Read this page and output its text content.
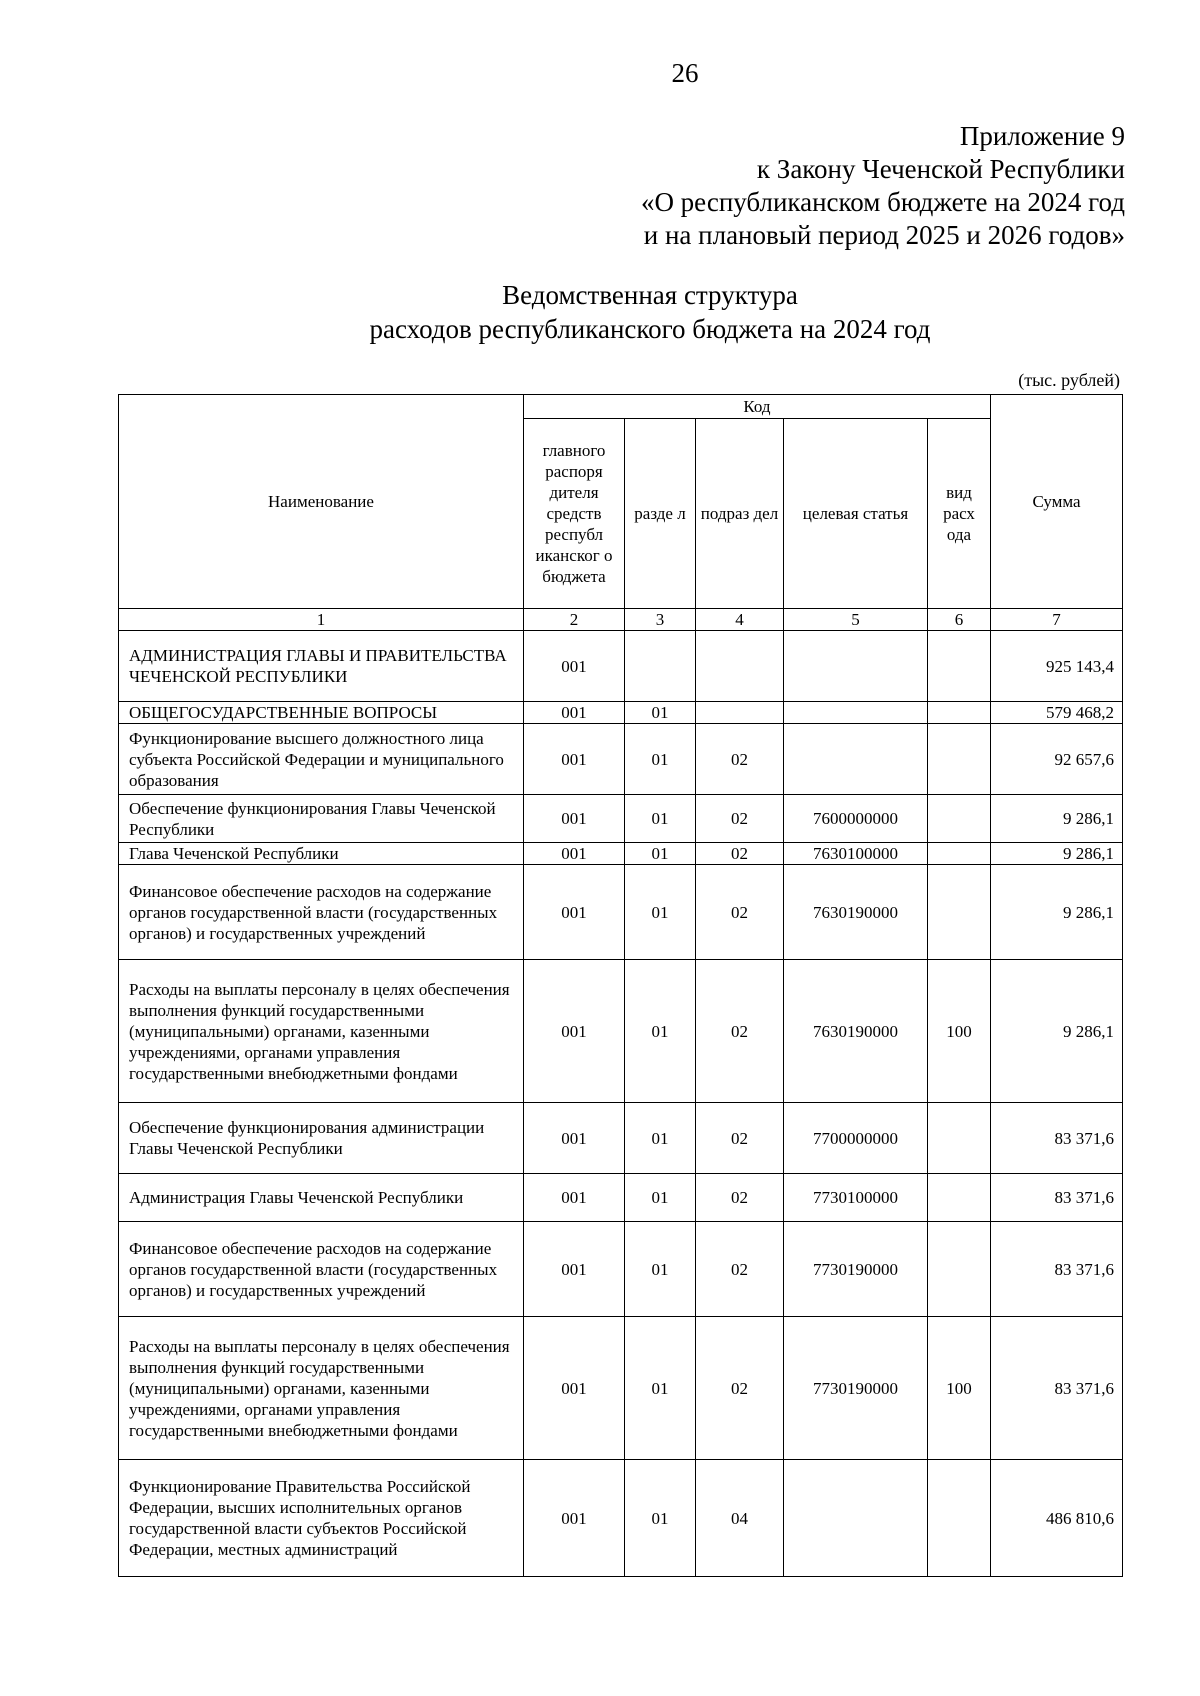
26
Приложение 9
к Закону Чеченской Республики
«О республиканском бюджете на 2024 год
и на плановый период 2025 и 2026 годов»
Ведомственная структура
расходов республиканского бюджета на 2024 год
(тыс. рублей)
Наименование	Код					Сумма
	главного распоря дителя средств республ иканског о бюджета	разде л	подраз дел	целевая статья	вид расх ода	
1	2	3	4	5	6	7
АДМИНИСТРАЦИЯ ГЛАВЫ И ПРАВИТЕЛЬСТВА ЧЕЧЕНСКОЙ РЕСПУБЛИКИ	001					925 143,4
ОБЩЕГОСУДАРСТВЕННЫЕ ВОПРОСЫ	001	01				579 468,2
Функционирование высшего должностного лица субъекта Российской Федерации и муниципального образования	001	01	02			92 657,6
Обеспечение функционирования Главы Чеченской Республики	001	01	02	7600000000		9 286,1
Глава Чеченской Республики	001	01	02	7630100000		9 286,1
Финансовое обеспечение расходов на содержание органов государственной власти (государственных органов) и государственных учреждений	001	01	02	7630190000		9 286,1
Расходы на выплаты персоналу в целях обеспечения выполнения функций государственными (муниципальными) органами, казенными учреждениями, органами управления государственными внебюджетными фондами	001	01	02	7630190000	100	9 286,1
Обеспечение функционирования администрации Главы Чеченской Республики	001	01	02	7700000000		83 371,6
Администрация Главы Чеченской Республики	001	01	02	7730100000		83 371,6
Финансовое обеспечение расходов на содержание органов государственной власти (государственных органов) и государственных учреждений	001	01	02	7730190000		83 371,6
Расходы на выплаты персоналу в целях обеспечения выполнения функций государственными (муниципальными) органами, казенными учреждениями, органами управления государственными внебюджетными фондами	001	01	02	7730190000	100	83 371,6
Функционирование Правительства Российской Федерации, высших исполнительных органов государственной власти субъектов Российской Федерации, местных администраций	001	01	04			486 810,6
